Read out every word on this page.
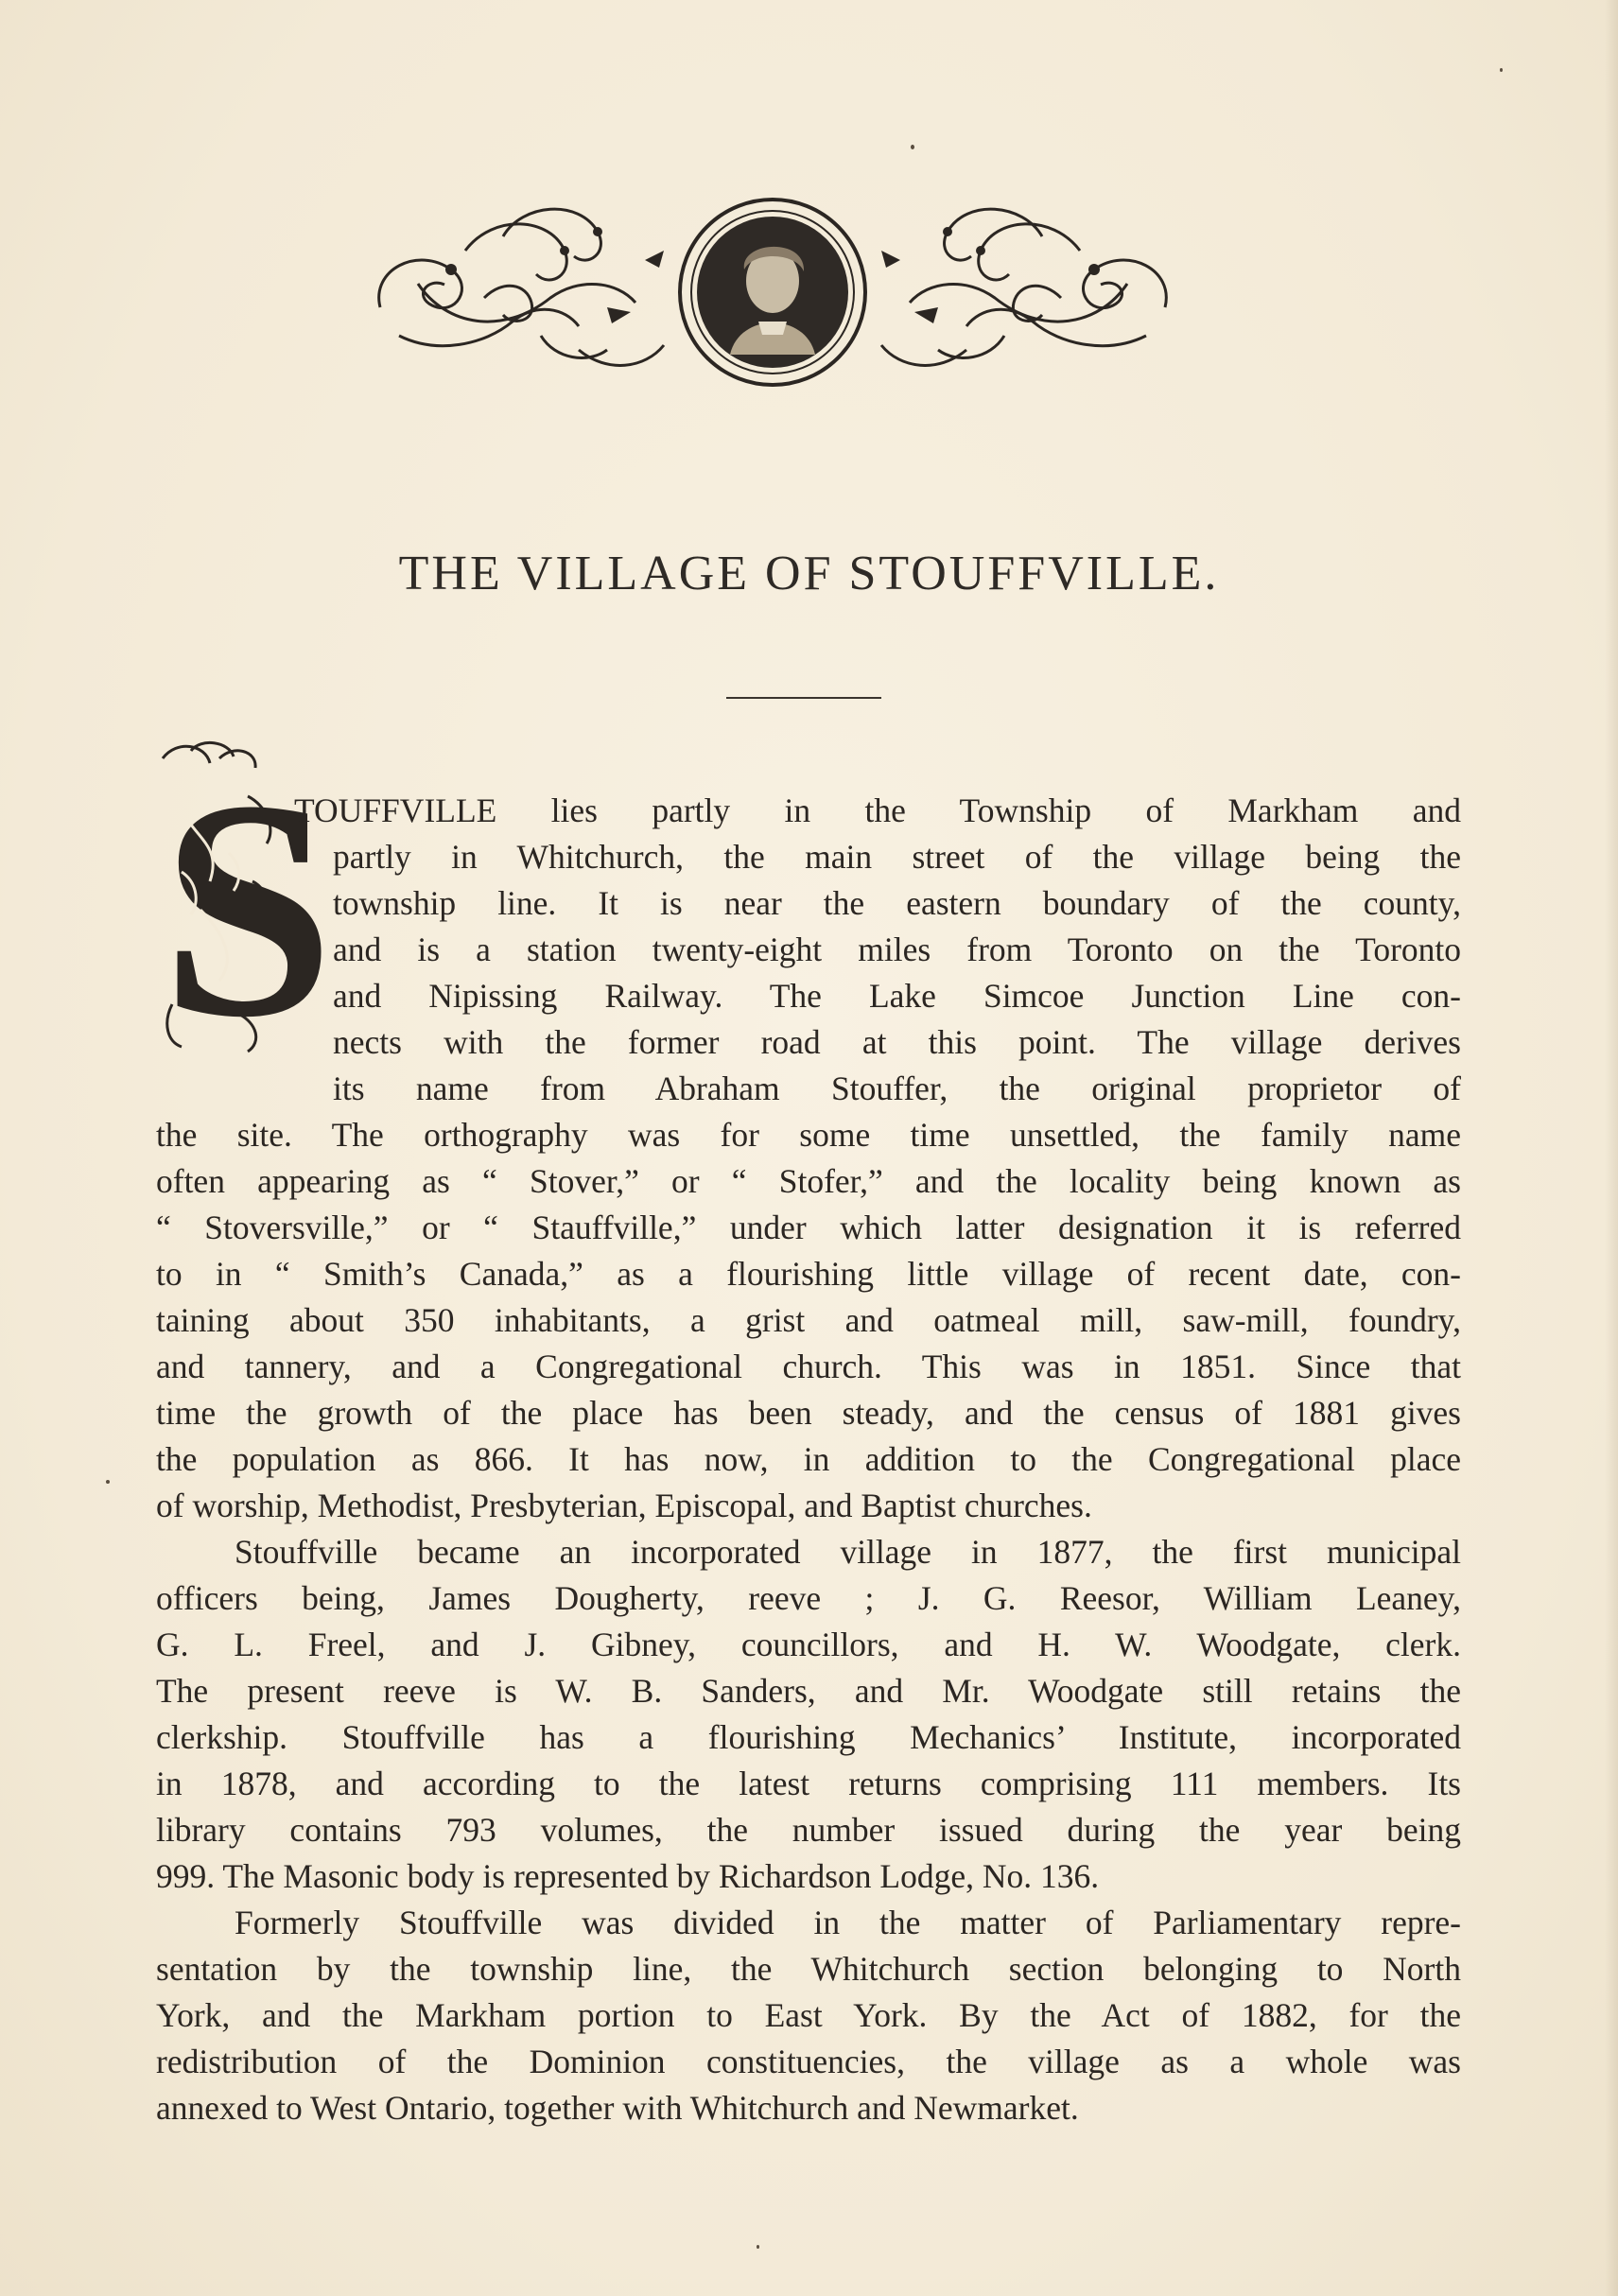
THE VILLAGE OF STOUFFVILLE.
S
TOUFFVILLE lies partly in the Township of Markham and
partly in Whitchurch, the main street of the village being the
township line. It is near the eastern boundary of the county,
and is a station twenty-eight miles from Toronto on the Toronto
and Nipissing Railway. The Lake Simcoe Junction Line con-
nects with the former road at this point. The village derives
its name from Abraham Stouffer, the original proprietor of
the site. The orthography was for some time unsettled, the family name
often appearing as “ Stover,” or “ Stofer,” and the locality being known as
“ Stoversville,” or “ Stauffville,” under which latter designation it is referred
to in “ Smith’s Canada,” as a flourishing little village of recent date, con-
taining about 350 inhabitants, a grist and oatmeal mill, saw-mill, foundry,
and tannery, and a Congregational church. This was in 1851. Since that
time the growth of the place has been steady, and the census of 1881 gives
the population as 866. It has now, in addition to the Congregational place
of worship, Methodist, Presbyterian, Episcopal, and Baptist churches.
Stouffville became an incorporated village in 1877, the first municipal
officers being, James Dougherty, reeve ; J. G. Reesor, William Leaney,
G. L. Freel, and J. Gibney, councillors, and H. W. Woodgate, clerk.
The present reeve is W. B. Sanders, and Mr. Woodgate still retains the
clerkship. Stouffville has a flourishing Mechanics’ Institute, incorporated
in 1878, and according to the latest returns comprising 111 members. Its
library contains 793 volumes, the number issued during the year being
999. The Masonic body is represented by Richardson Lodge, No. 136.
Formerly Stouffville was divided in the matter of Parliamentary repre-
sentation by the township line, the Whitchurch section belonging to North
York, and the Markham portion to East York. By the Act of 1882, for the
redistribution of the Dominion constituencies, the village as a whole was
annexed to West Ontario, together with Whitchurch and Newmarket.
